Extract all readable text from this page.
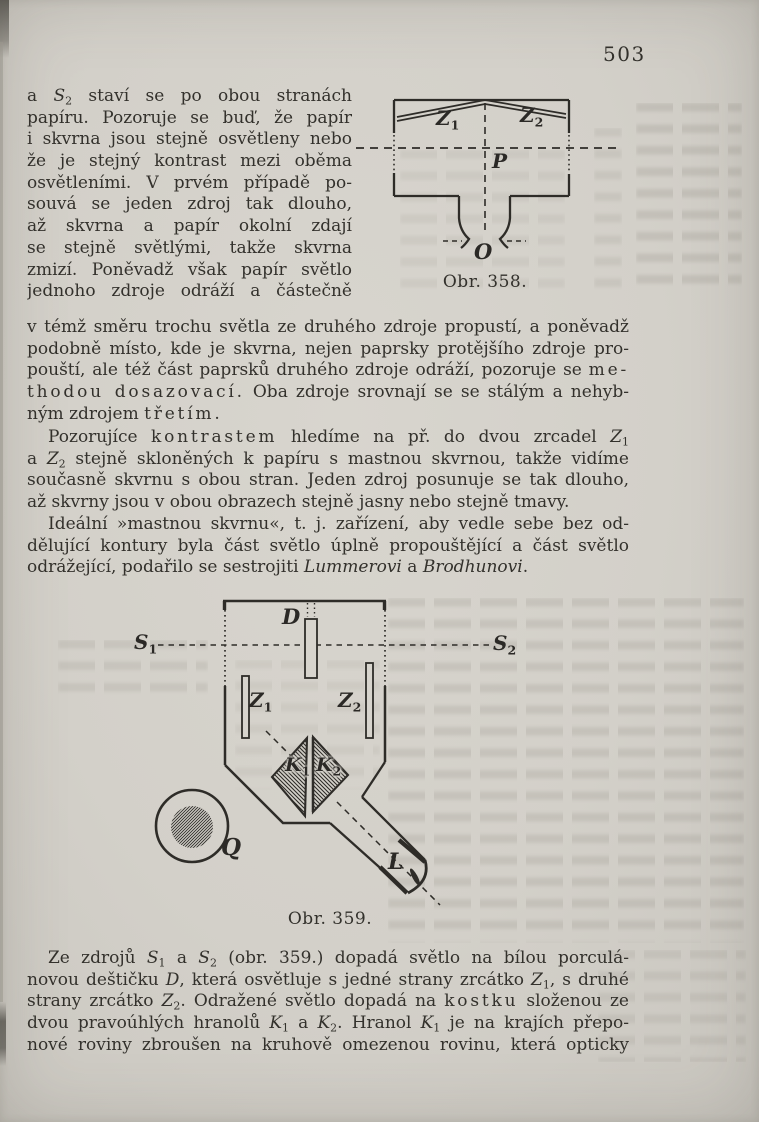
503
a $S_2$ staví se po obou stranách
papíru. Pozoruje se buď, že papír
i skvrna jsou stejně osvětleny nebo
že je stejný kontrast mezi oběma
osvětleními. V prvém případě po-
souvá se jeden zdroj tak dlouho,
až skvrna a papír okolní zdají
se stejně světlými, takže skvrna
zmizí. Poněvadž však papír světlo
jednoho zdroje odráží a částečně
v témž směru trochu světla ze druhého zdroje propustí, a poněvadž
podobně místo, kde je skvrna, nejen paprsky protějšího zdroje pro-
pouští, ale též část paprsků druhého zdroje odráží, pozoruje se me-
thodou dosazovací. Oba zdroje srovnají se se stálým a nehyb-
ným zdrojem třetím.
Pozorujíce kontrastem hledíme na př. do dvou zrcadel $Z_1$
a $Z_2$ stejně skloněných k papíru s mastnou skvrnou, takže vidíme
současně skvrnu s obou stran. Jeden zdroj posunuje se tak dlouho,
až skvrny jsou v obou obrazech stejně jasny nebo stejně tmavy.
Ideální »mastnou skvrnu«, t. j. zařízení, aby vedle sebe bez od-
dělující kontury byla část světlo úplně propouštějící a část světlo
odrážející, podařilo se sestrojiti Lummerovi a Brodhunovi.
Ze zdrojů $S_1$ a $S_2$ (obr. 359.) dopadá světlo na bílou porculá-
novou deštičku D, která osvětluje s jedné strany zrcátko $Z_1$, s druhé
strany zrcátko $Z_2$. Odražené světlo dopadá na kostku složenou ze
dvou pravoúhlých hranolů $K_1$ a $K_2$. Hranol $K_1$ je na krajích přepo-
nové roviny zbroušen na kruhově omezenou rovinu, která opticky
$Z_1$	$Z_2$
P
O
Obr. 358.
D
$S_1$	$S_2$
$Z_1$	$Z_2$
$K_1$ $K_2$
Q
L
Obr. 359.
